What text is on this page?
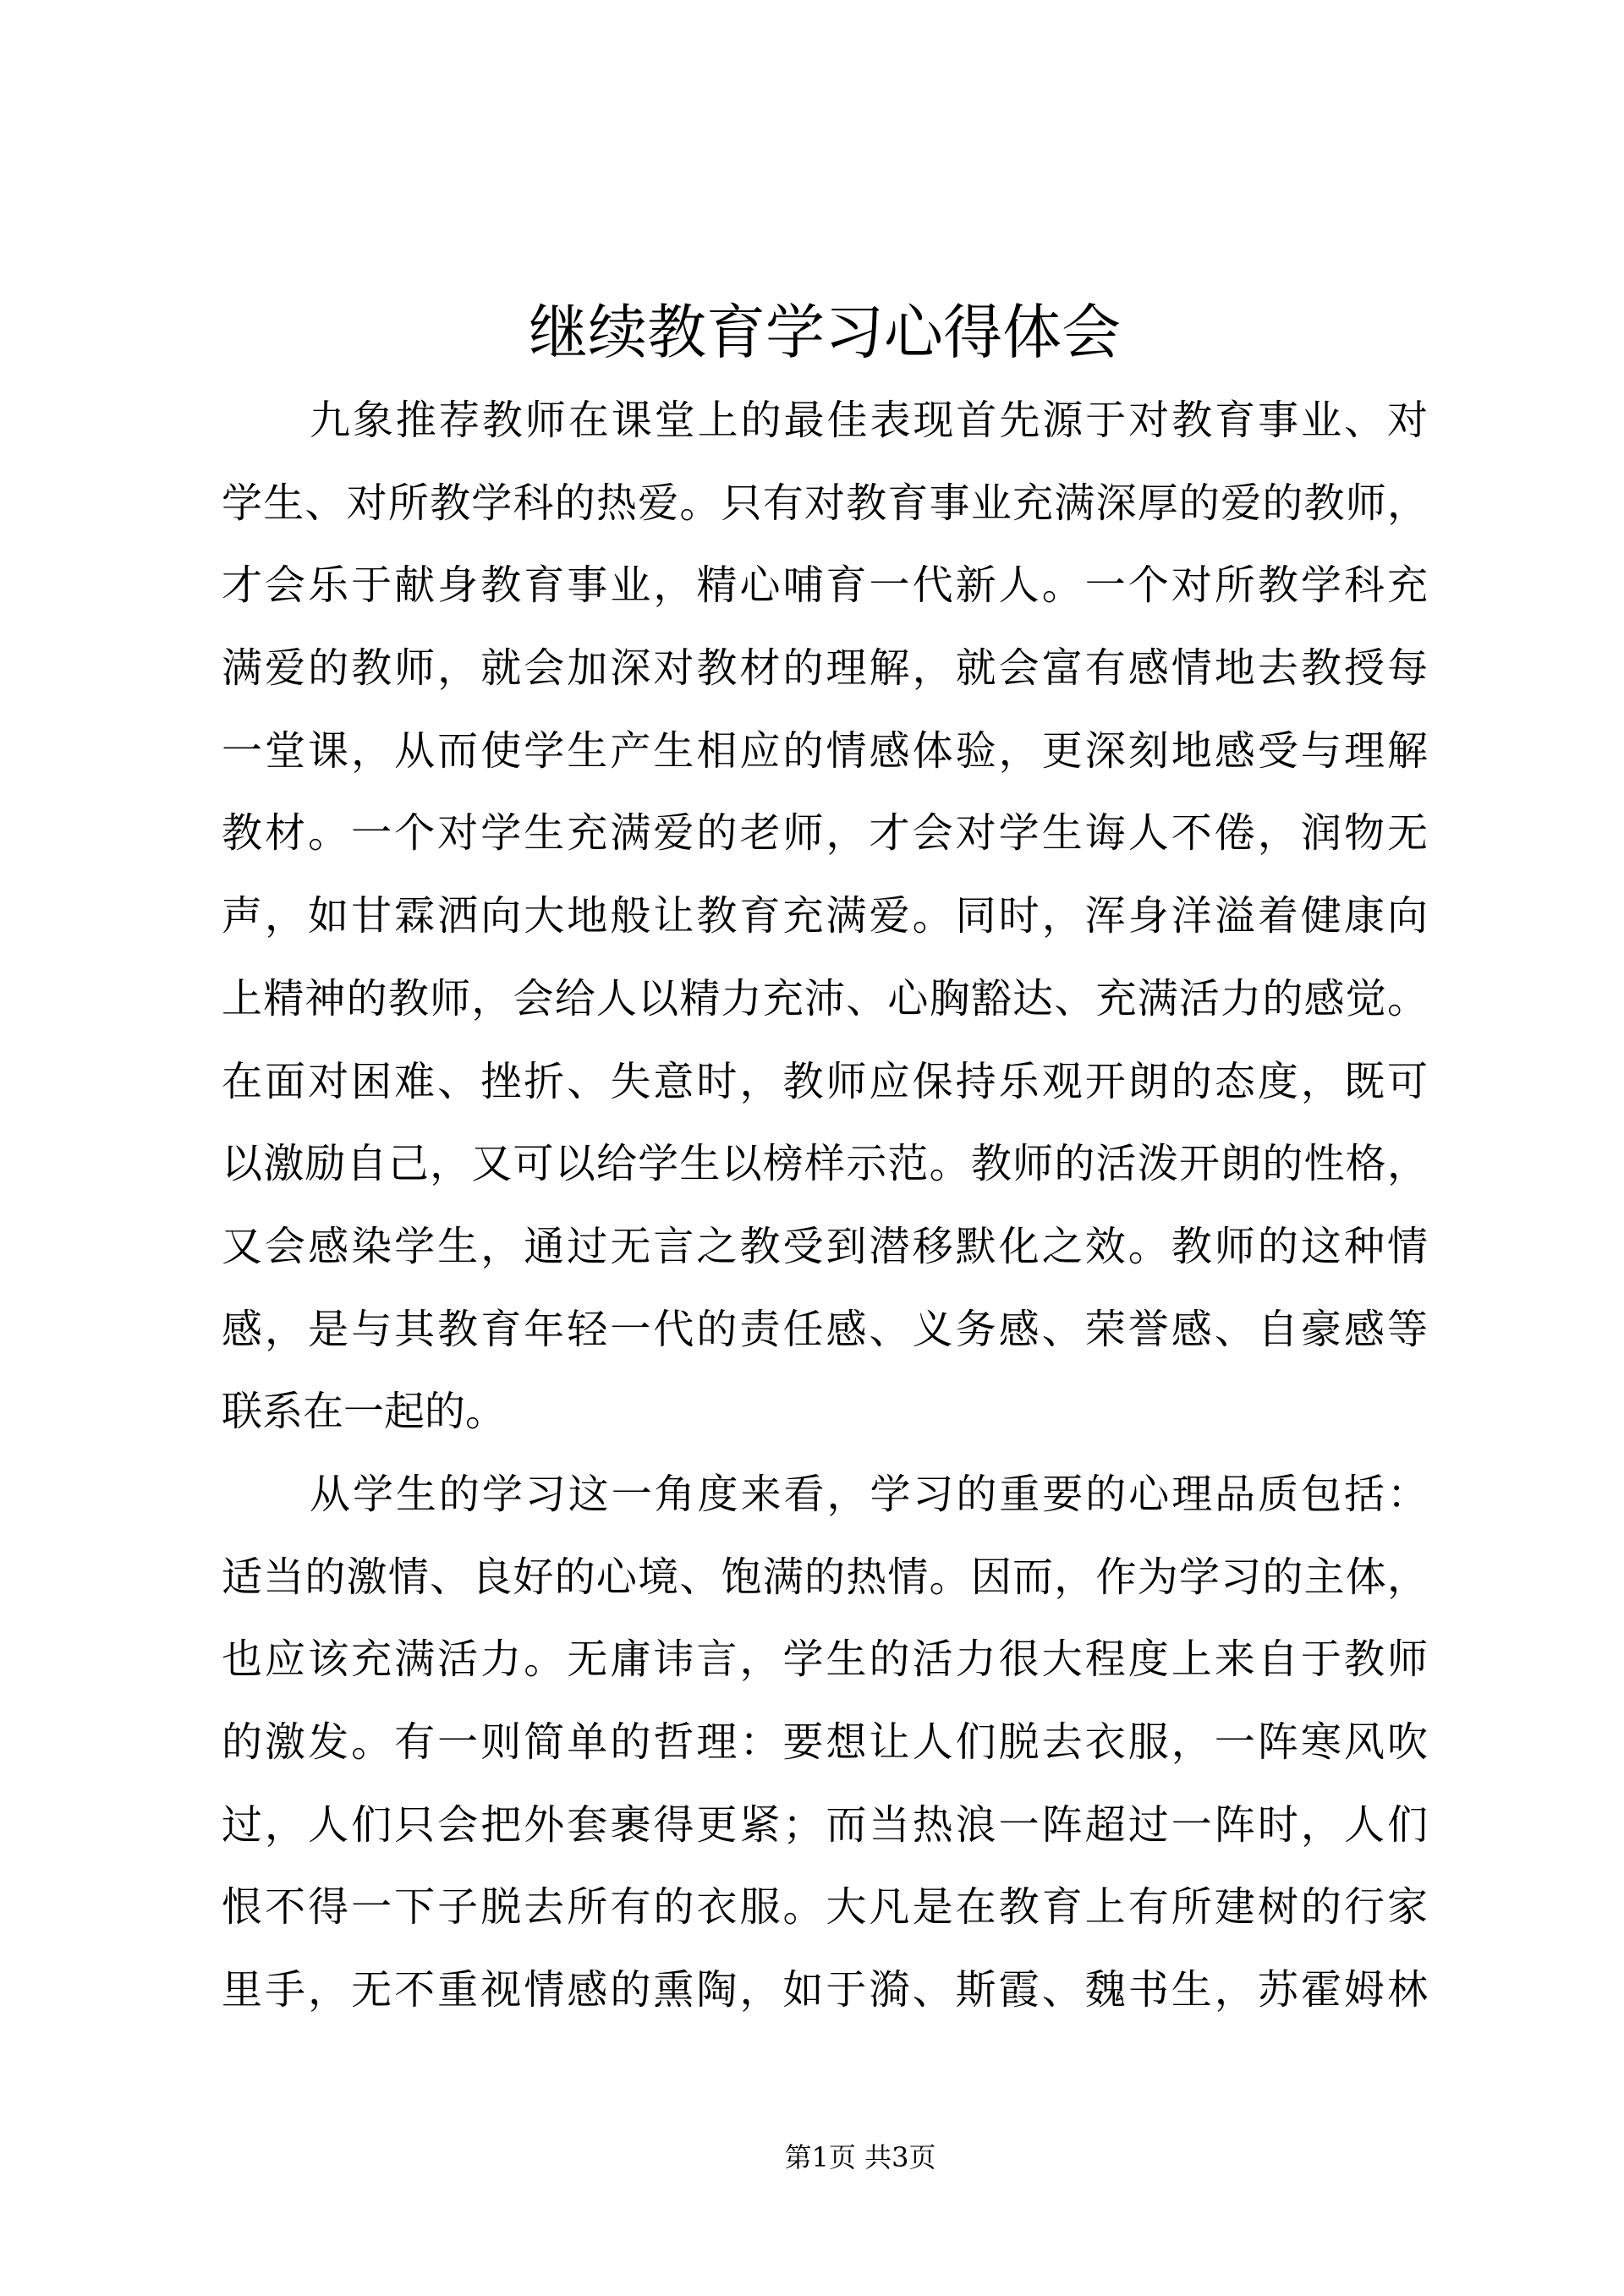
继续教育学习心得体会
九象推荐教师在课堂上的最佳表现首先源于对教育事业、对
学生、对所教学科的热爱。只有对教育事业充满深厚的爱的教师，
才会乐于献身教育事业，精心哺育一代新人。一个对所教学科充
满爱的教师，就会加深对教材的理解，就会富有感情地去教授每
一堂课，从而使学生产生相应的情感体验，更深刻地感受与理解
教材。一个对学生充满爱的老师，才会对学生诲人不倦，润物无
声，如甘霖洒向大地般让教育充满爱。同时，浑身洋溢着健康向
上精神的教师，会给人以精力充沛、心胸豁达、充满活力的感觉。
在面对困难、挫折、失意时，教师应保持乐观开朗的态度，既可
以激励自己，又可以给学生以榜样示范。教师的活泼开朗的性格，
又会感染学生，通过无言之教受到潜移默化之效。教师的这种情
感，是与其教育年轻一代的责任感、义务感、荣誉感、自豪感等
联系在一起的。
从学生的学习这一角度来看，学习的重要的心理品质包括：
适当的激情、良好的心境、饱满的热情。因而，作为学习的主体，
也应该充满活力。无庸讳言，学生的活力很大程度上来自于教师
的激发。有一则简单的哲理：要想让人们脱去衣服，一阵寒风吹
过，人们只会把外套裹得更紧；而当热浪一阵超过一阵时，人们
恨不得一下子脱去所有的衣服。大凡是在教育上有所建树的行家
里手，无不重视情感的熏陶，如于漪、斯霞、魏书生，苏霍姆林
第1页 共3页
